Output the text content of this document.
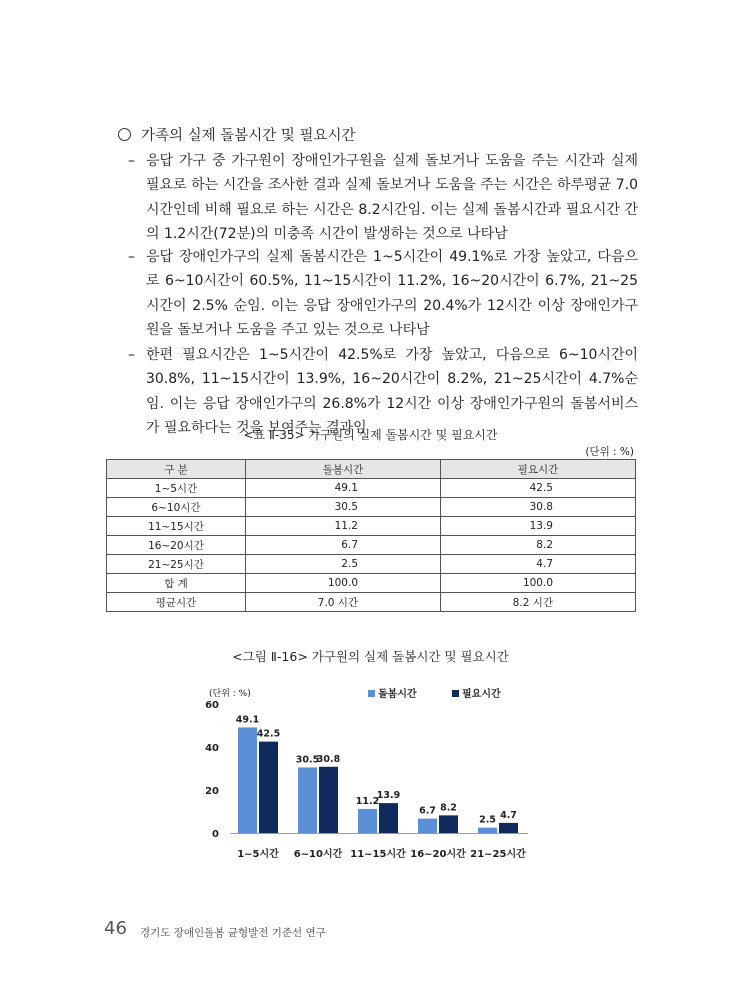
가족의 실제 돌봄시간 및 필요시간
– 응답 가구 중 가구원이 장애인가구원을 실제 돌보거나 도움을 주는 시간과 실제 필요로 하는 시간을 조사한 결과 실제 돌보거나 도움을 주는 시간은 하루평균 7.0시간인데 비해 필요로 하는 시간은 8.2시간임. 이는 실제 돌봄시간과 필요시간 간의 1.2시간(72분)의 미충족 시간이 발생하는 것으로 나타남
– 응답 장애인가구의 실제 돌봄시간은 1~5시간이 49.1%로 가장 높았고, 다음으로 6~10시간이 60.5%, 11~15시간이 11.2%, 16~20시간이 6.7%, 21~25시간이 2.5% 순임. 이는 응답 장애인가구의 20.4%가 12시간 이상 장애인가구원을 돌보거나 도움을 주고 있는 것으로 나타남
– 한편 필요시간은 1~5시간이 42.5%로 가장 높았고, 다음으로 6~10시간이 30.8%, 11~15시간이 13.9%, 16~20시간이 8.2%, 21~25시간이 4.7%순임. 이는 응답 장애인가구의 26.8%가 12시간 이상 장애인가구원의 돌봄서비스가 필요하다는 것을 보여주는 결과임
<표 Ⅱ-35> 가구원의 실제 돌봄시간 및 필요시간
(단위 : %)
구 분	돌봄시간	필요시간
1~5시간	49.1	42.5
6~10시간	30.5	30.8
11~15시간	11.2	13.9
16~20시간	6.7	8.2
21~25시간	2.5	4.7
합 계	100.0	100.0
평균시간	7.0 시간	8.2 시간
<그림 Ⅱ-16> 가구원의 실제 돌봄시간 및 필요시간
(단위 : %)
0
20
40
60
49.1
42.5
1~5시간
30.5
30.8
6~10시간
11.2
13.9
11~15시간
6.7 8.2
16~20시간
2.5 4.7
21~25시간
돌봄시간	필요시간
46 경기도 장애인돌봄 균형발전 기준선 연구
